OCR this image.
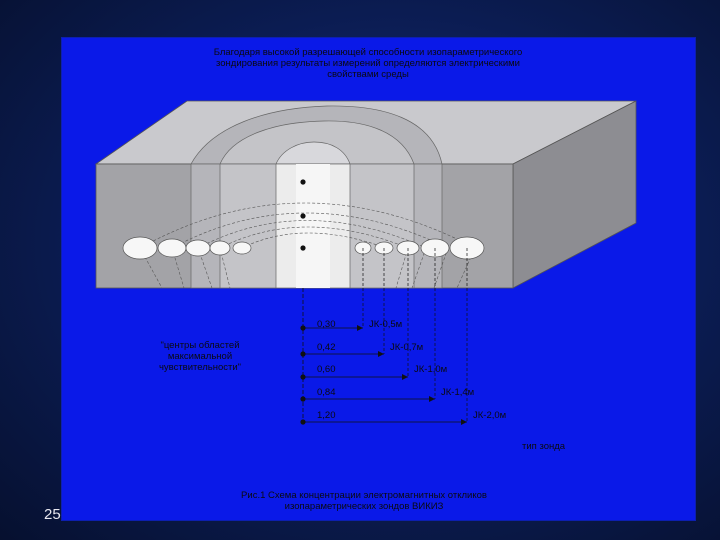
25
Благодаря высокой разрешающей способности изопараметрического
зондирования результаты измерений определяются электрическими
свойствами среды
0,30
0,42
0,60
0,84
1,20
ЈК-0,5м
ЈК-0,7м
ЈК-1,0м
ЈК-1,4м
ЈК-2,0м
тип зонда
"центры областей
максимальной
чувствительности"
Рис.1 Схема концентрации электромагнитных откликов
изопараметрических зондов ВИКИЗ
